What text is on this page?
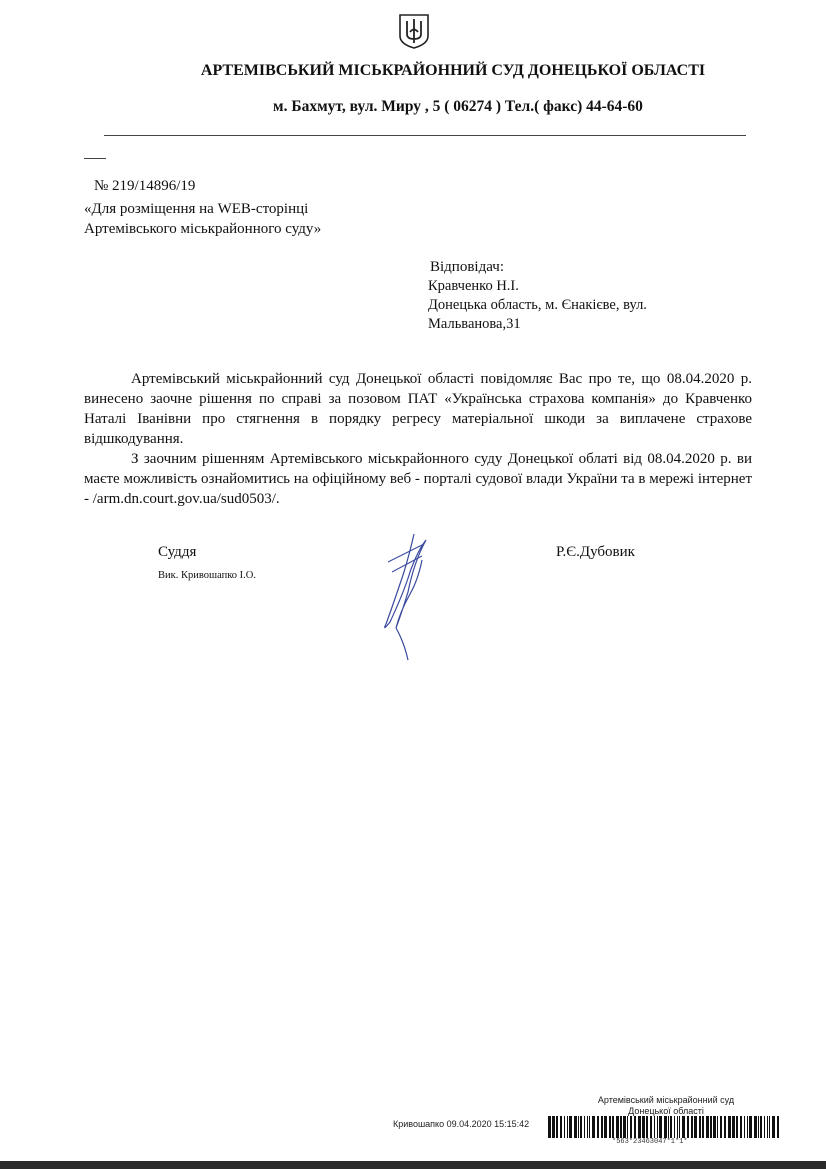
АРТЕМІВСЬКИЙ МІСЬКРАЙОННИЙ СУД ДОНЕЦЬКОЇ ОБЛАСТІ
м. Бахмут, вул. Миру , 5 ( 06274 ) Тел.( факс) 44-64-60
№ 219/14896/19
«Для розміщення на WEB-сторінці
Артемівського міськрайонного суду»
Відповідач:
Кравченко Н.І.
Донецька область, м. Єнакієве, вул.
Мальванова,31

Артемівський міськрайонний суд Донецької області повідомляє Вас про те, що 08.04.2020 р. винесено заочне рішення по справі за позовом ПАТ «Українська страхова компанія» до Кравченко Наталі Іванівни про стягнення в порядку регресу матеріальної шкоди за виплачене страхове відшкодування.

З заочним рішенням Артемівського міськрайонного суду Донецької облаті від 08.04.2020 р. ви маєте можливість ознайомитись на офіційному веб - порталі судової влади України та в мережі інтернет - /arm.dn.court.gov.ua/sud0503/.

Суддя
Вик. Кривошапко І.О.
Р.Є.Дубовик
Артемівський міськрайонний суд
Донецької області
Кривошапко 09.04.2020 15:15:42
*563*23463047*1*1*
